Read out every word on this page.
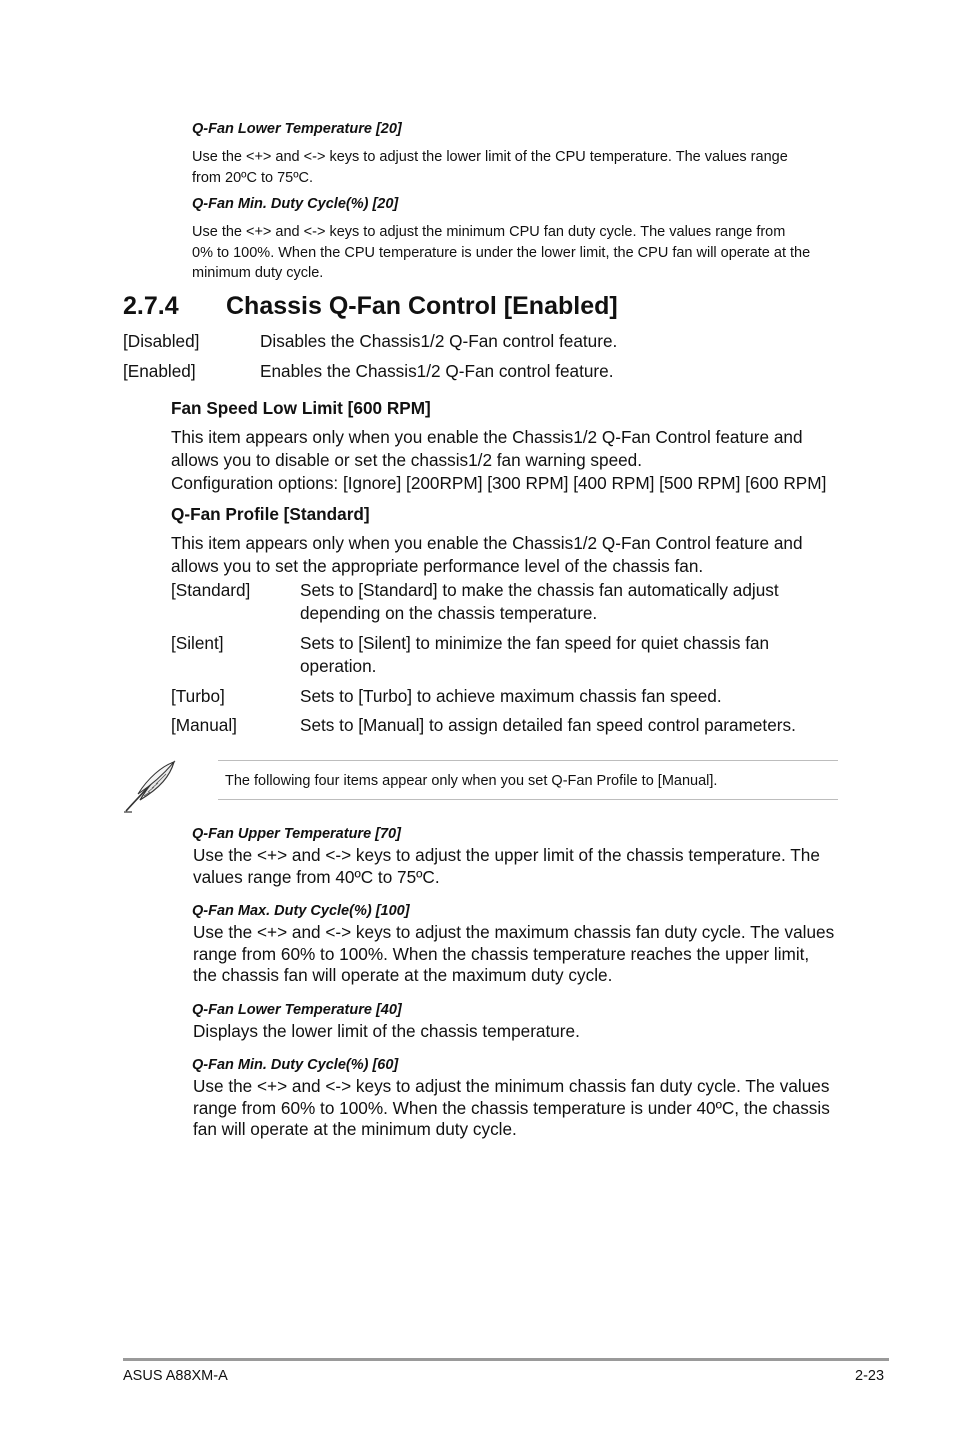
Q-Fan Lower Temperature [20]
Use the <+> and <-> keys to adjust the lower limit of the CPU temperature. The values range
from 20ºC to 75ºC.
Q-Fan Min. Duty Cycle(%) [20]
Use the <+> and <-> keys to adjust the minimum CPU fan duty cycle. The values range from
0% to 100%. When the CPU temperature is under the lower limit, the CPU fan will operate at the
minimum duty cycle.
2.7.4 Chassis Q-Fan Control [Enabled]
[Disabled]	Disables the Chassis1/2 Q-Fan control feature.
[Enabled]	Enables the Chassis1/2 Q-Fan control feature.
Fan Speed Low Limit [600 RPM]
This item appears only when you enable the Chassis1/2 Q-Fan Control feature and
allows you to disable or set the chassis1/2 fan warning speed.
Configuration options: [Ignore] [200RPM] [300 RPM] [400 RPM] [500 RPM] [600 RPM]
Q-Fan Profile [Standard]
This item appears only when you enable the Chassis1/2 Q-Fan Control feature and
allows you to set the appropriate performance level of the chassis fan.
[Standard]	Sets to [Standard] to make the chassis fan automatically adjust
depending on the chassis temperature.
[Silent]	Sets to [Silent] to minimize the fan speed for quiet chassis fan
operation.
[Turbo]	Sets to [Turbo] to achieve maximum chassis fan speed.
[Manual]	Sets to [Manual] to assign detailed fan speed control parameters.
The following four items appear only when you set Q-Fan Profile to [Manual].
Q-Fan Upper Temperature [70]
Use the <+> and <-> keys to adjust the upper limit of the chassis temperature. The
values range from 40ºC to 75ºC.
Q-Fan Max. Duty Cycle(%) [100]
Use the <+> and <-> keys to adjust the maximum chassis fan duty cycle. The values
range from 60% to 100%. When the chassis temperature reaches the upper limit,
the chassis fan will operate at the maximum duty cycle.
Q-Fan Lower Temperature [40]
Displays the lower limit of the chassis temperature.
Q-Fan Min. Duty Cycle(%) [60]
Use the <+> and <-> keys to adjust the minimum chassis fan duty cycle. The values
range from 60% to 100%. When the chassis temperature is under 40ºC, the chassis
fan will operate at the minimum duty cycle.
ASUS A88XM-A	2-23
